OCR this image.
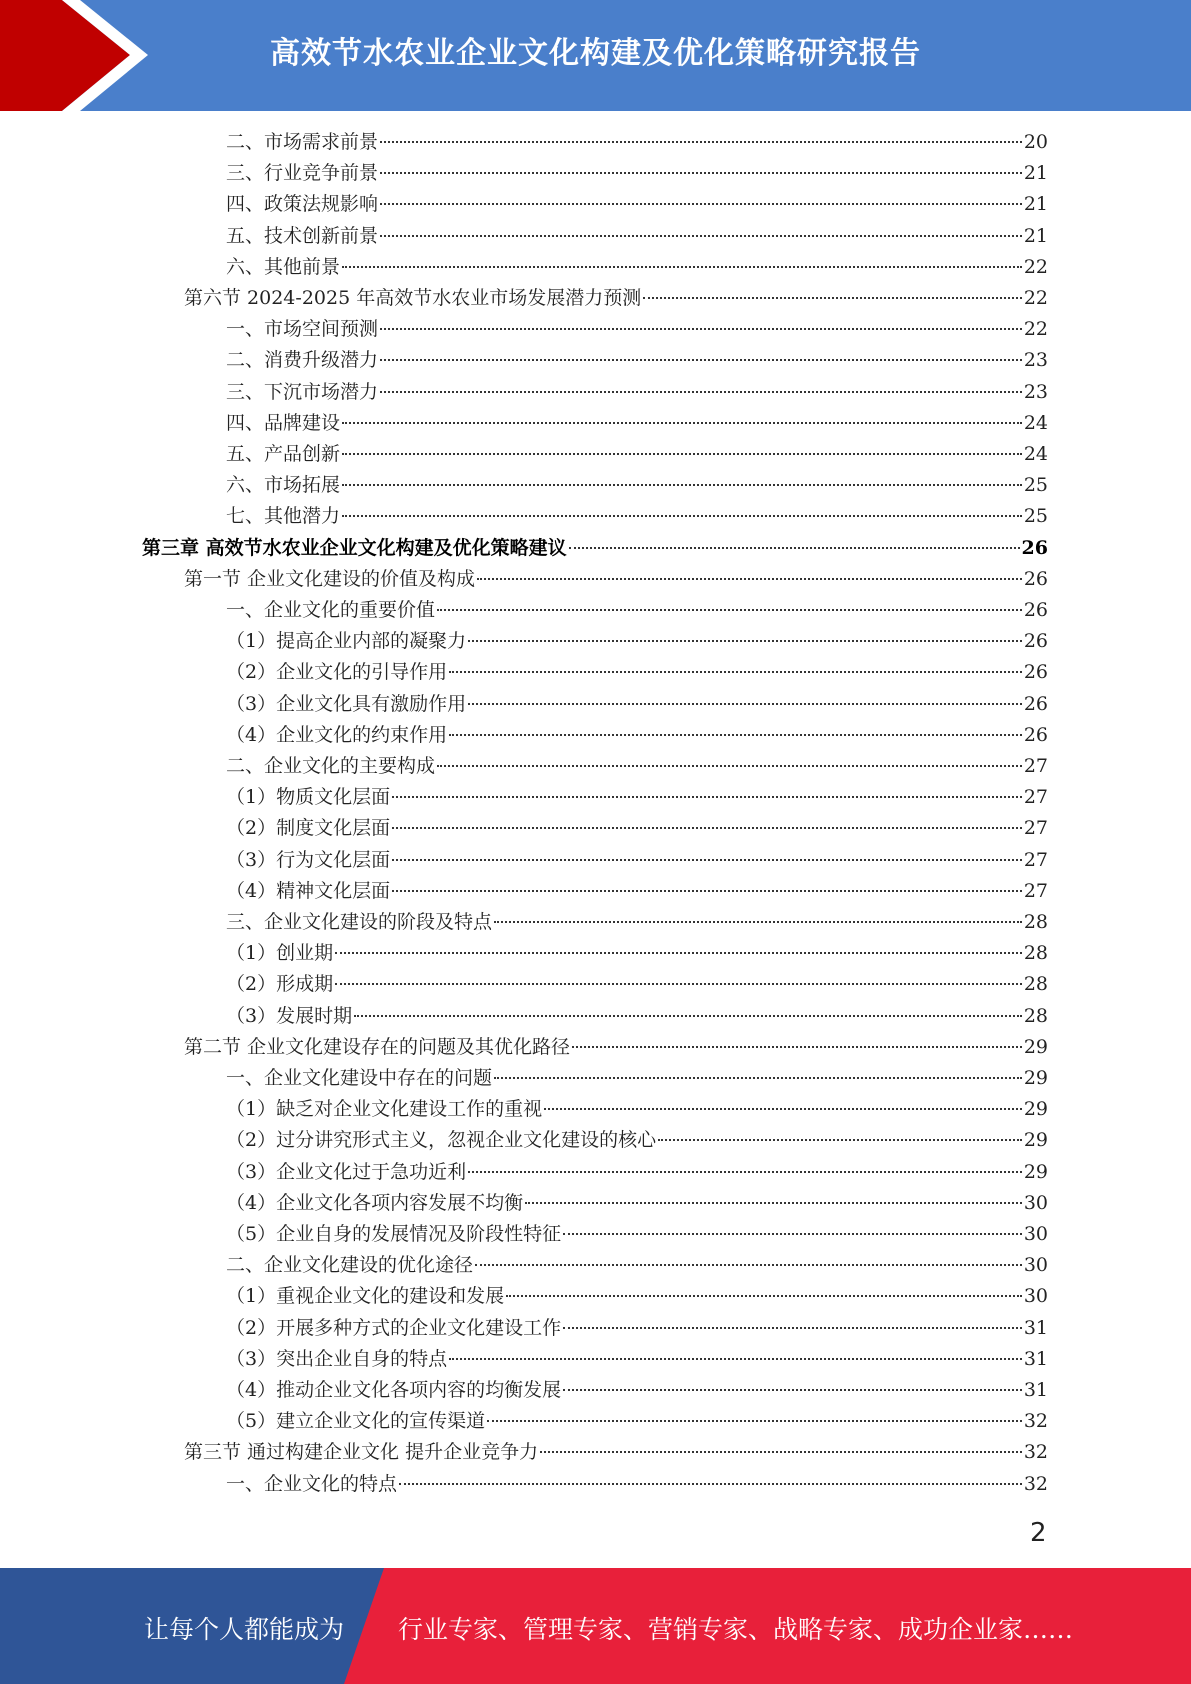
高效节水农业企业文化构建及优化策略研究报告
二、市场需求前景	20
三、行业竞争前景	21
四、政策法规影响	21
五、技术创新前景	21
六、其他前景	22
第六节 2024-2025 年高效节水农业市场发展潜力预测	22
一、市场空间预测	22
二、消费升级潜力	23
三、下沉市场潜力	23
四、品牌建设	24
五、产品创新	24
六、市场拓展	25
七、其他潜力	25
第三章 高效节水农业企业文化构建及优化策略建议	26
第一节 企业文化建设的价值及构成	26
一、企业文化的重要价值	26
（1）提高企业内部的凝聚力	26
（2）企业文化的引导作用	26
（3）企业文化具有激励作用	26
（4）企业文化的约束作用	26
二、企业文化的主要构成	27
（1）物质文化层面	27
（2）制度文化层面	27
（3）行为文化层面	27
（4）精神文化层面	27
三、企业文化建设的阶段及特点	28
（1）创业期	28
（2）形成期	28
（3）发展时期	28
第二节 企业文化建设存在的问题及其优化路径	29
一、企业文化建设中存在的问题	29
（1）缺乏对企业文化建设工作的重视	29
（2）过分讲究形式主义，忽视企业文化建设的核心	29
（3）企业文化过于急功近利	29
（4）企业文化各项内容发展不均衡	30
（5）企业自身的发展情况及阶段性特征	30
二、企业文化建设的优化途径	30
（1）重视企业文化的建设和发展	30
（2）开展多种方式的企业文化建设工作	31
（3）突出企业自身的特点	31
（4）推动企业文化各项内容的均衡发展	31
（5）建立企业文化的宣传渠道	32
第三节 通过构建企业文化 提升企业竞争力	32
一、企业文化的特点	32
2
让每个人都能成为 行业专家、管理专家、营销专家、战略专家、成功企业家……
